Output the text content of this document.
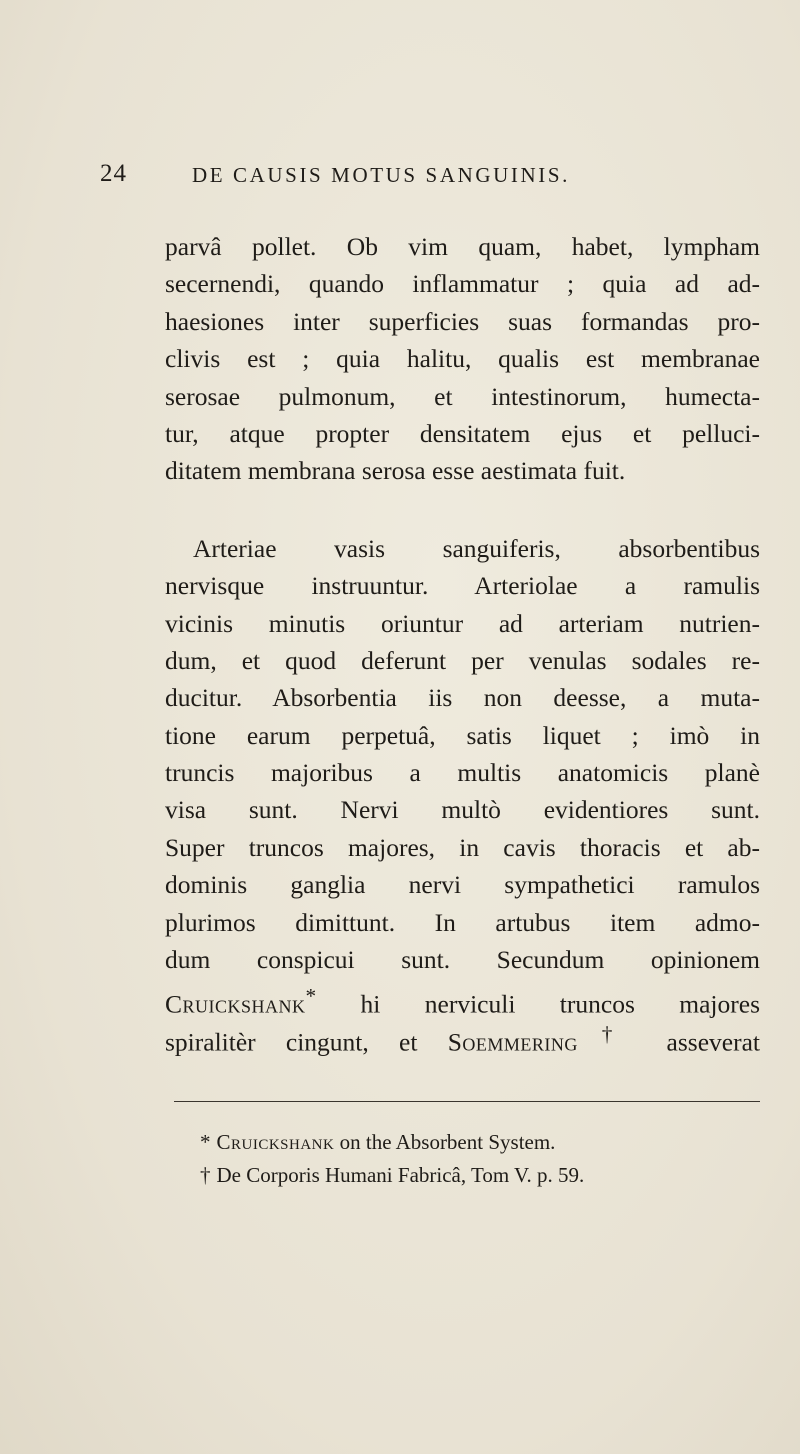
24	DE CAUSIS MOTUS SANGUINIS.

parvâ pollet. Ob vim quam, habet, lympham
secernendi, quando inflammatur ; quia ad ad-
haesiones inter superficies suas formandas pro-
clivis est ; quia halitu, qualis est membranae
serosae pulmonum, et intestinorum, humecta-
tur, atque propter densitatem ejus et pelluci-
ditatem membrana serosa esse aestimata fuit.

Arteriae vasis sanguiferis, absorbentibus
nervisque instruuntur. Arteriolae a ramulis
vicinis minutis oriuntur ad arteriam nutrien-
dum, et quod deferunt per venulas sodales re-
ducitur. Absorbentia iis non deesse, a muta-
tione earum perpetuâ, satis liquet ; imò in
truncis majoribus a multis anatomicis planè
visa sunt. Nervi multò evidentiores sunt.
Super truncos majores, in cavis thoracis et ab-
dominis ganglia nervi sympathetici ramulos
plurimos dimittunt. In artubus item admo-
dum conspicui sunt. Secundum opinionem
Cruickshank* hi nerviculi truncos majores
spiralitèr cingunt, et Soemmering† asseverat

* Cruickshank on the Absorbent System.
† De Corporis Humani Fabricâ, Tom V. p. 59.
